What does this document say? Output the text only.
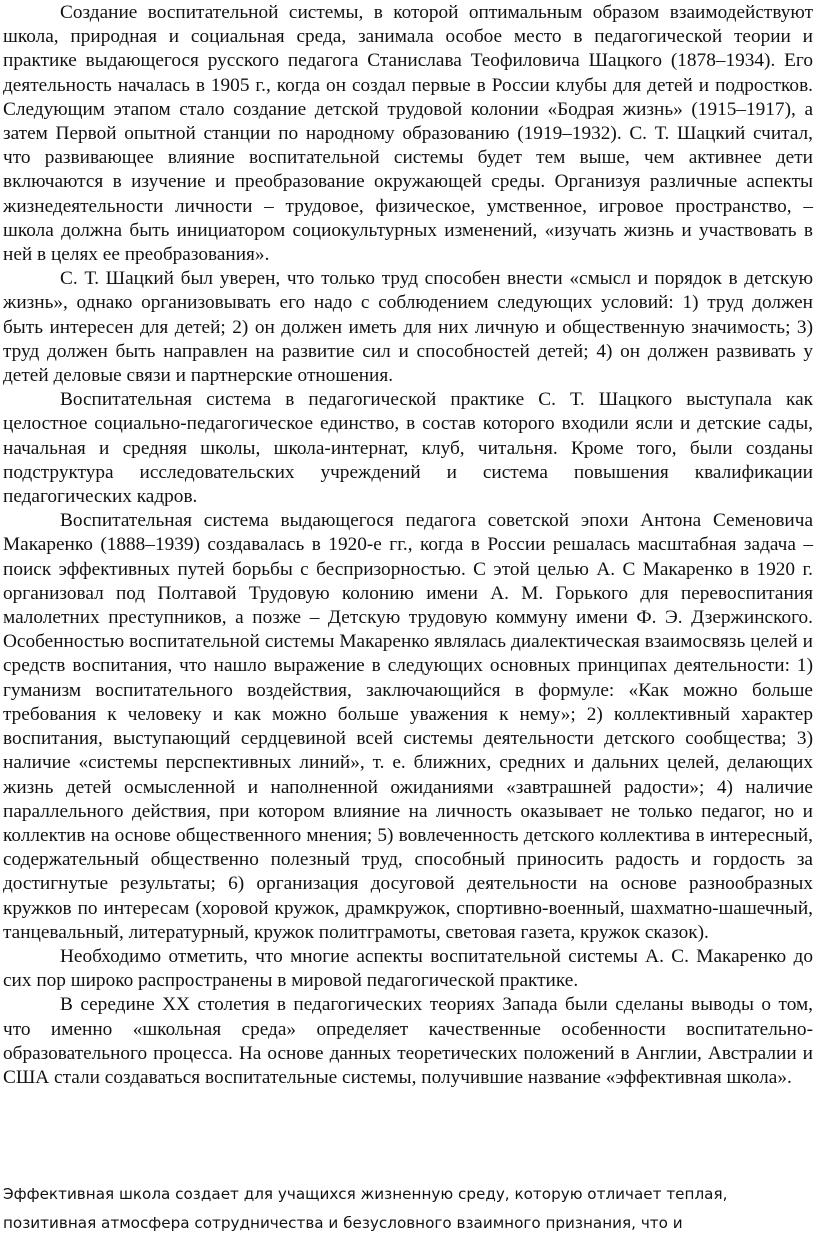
Создание воспитательной системы, в которой оптимальным образом взаимодействуют школа, природная и социальная среда, занимала особое место в педагогической теории и практике выдающегося русского педагога Станислава Теофиловича Шацкого (1878–1934). Его деятельность началась в 1905 г., когда он создал первые в России клубы для детей и подростков. Следующим этапом стало создание детской трудовой колонии «Бодрая жизнь» (1915–1917), а затем Первой опытной станции по народному образованию (1919–1932). С. Т. Шацкий считал, что развивающее влияние воспитательной системы будет тем выше, чем активнее дети включаются в изучение и преобразование окружающей среды. Организуя различные аспекты жизнедеятельности личности – трудовое, физическое, умственное, игровое пространство, – школа должна быть инициатором социокультурных изменений, «изучать жизнь и участвовать в ней в целях ее преобразования».

С. Т. Шацкий был уверен, что только труд способен внести «смысл и порядок в детскую жизнь», однако организовывать его надо с соблюдением следующих условий: 1) труд должен быть интересен для детей; 2) он должен иметь для них личную и общественную значимость; 3) труд должен быть направлен на развитие сил и способностей детей; 4) он должен развивать у детей деловые связи и партнерские отношения.

Воспитательная система в педагогической практике С. Т. Шацкого выступала как целостное социально-педагогическое единство, в состав которого входили ясли и детские сады, начальная и средняя школы, школа-интернат, клуб, читальня. Кроме того, были созданы подструктура исследовательских учреждений и система повышения квалификации педагогических кадров.

Воспитательная система выдающегося педагога советской эпохи Антона Семеновича Макаренко (1888–1939) создавалась в 1920-е гг., когда в России решалась масштабная задача – поиск эффективных путей борьбы с беспризорностью. С этой целью А. С Макаренко в 1920 г. организовал под Полтавой Трудовую колонию имени А. М. Горького для перевоспитания малолетних преступников, а позже – Детскую трудовую коммуну имени Ф. Э. Дзержинского. Особенностью воспитательной системы Макаренко являлась диалектическая взаимосвязь целей и средств воспитания, что нашло выражение в следующих основных принципах деятельности: 1) гуманизм воспитательного воздействия, заключающийся в формуле: «Как можно больше требования к человеку и как можно больше уважения к нему»; 2) коллективный характер воспитания, выступающий сердцевиной всей системы деятельности детского сообщества; 3) наличие «системы перспективных линий», т. е. ближних, средних и дальних целей, делающих жизнь детей осмысленной и наполненной ожиданиями «завтрашней радости»; 4) наличие параллельного действия, при котором влияние на личность оказывает не только педагог, но и коллектив на основе общественного мнения; 5) вовлеченность детского коллектива в интересный, содержательный общественно полезный труд, способный приносить радость и гордость за достигнутые результаты; 6) организация досуговой деятельности на основе разнообразных кружков по интересам (хоровой кружок, драмкружок, спортивно-военный, шахматно-шашечный, танцевальный, литературный, кружок политграмоты, световая газета, кружок сказок).

Необходимо отметить, что многие аспекты воспитательной системы А. С. Макаренко до сих пор широко распространены в мировой педагогической практике.

В середине XX столетия в педагогических теориях Запада были сделаны выводы о том, что именно «школьная среда» определяет качественные особенности воспитательно-образовательного процесса. На основе данных теоретических положений в Англии, Австралии и США стали создаваться воспитательные системы, получившие название «эффективная школа».

Эффективная школа создает для учащихся жизненную среду, которую отличает теплая,

позитивная атмосфера сотрудничества и безусловного взаимного признания, что и
